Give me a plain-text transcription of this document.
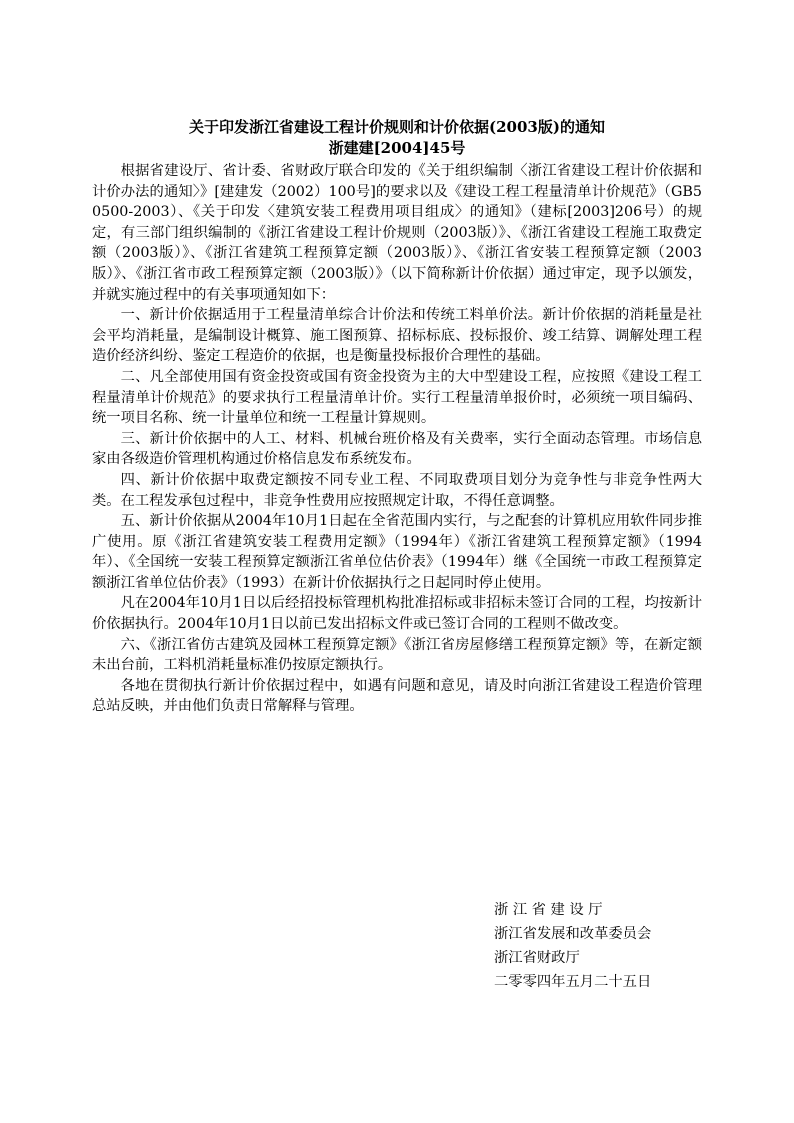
关于印发浙江省建设工程计价规则和计价依据(2003版)的通知

浙建建[2004]45号

根据省建设厅、省计委、省财政厅联合印发的《关于组织编制〈浙江省建设工程计价依据和计价办法的通知〉》[建建发（2002）100号]的要求以及《建设工程工程量清单计价规范》（GB50500-2003）、《关于印发〈建筑安装工程费用项目组成〉的通知》（建标[2003]206号）的规定，有三部门组织编制的《浙江省建设工程计价规则（2003版）》、《浙江省建设工程施工取费定额（2003版）》、《浙江省建筑工程预算定额（2003版）》、《浙江省安装工程预算定额（2003版）》、《浙江省市政工程预算定额（2003版）》（以下简称新计价依据）通过审定，现予以颁发，并就实施过程中的有关事项通知如下：

一、新计价依据适用于工程量清单综合计价法和传统工料单价法。新计价依据的消耗量是社会平均消耗量，是编制设计概算、施工图预算、招标标底、投标报价、竣工结算、调解处理工程造价经济纠纷、鉴定工程造价的依据，也是衡量投标报价合理性的基础。

二、凡全部使用国有资金投资或国有资金投资为主的大中型建设工程，应按照《建设工程工程量清单计价规范》的要求执行工程量清单计价。实行工程量清单报价时，必须统一项目编码、统一项目名称、统一计量单位和统一工程量计算规则。

三、新计价依据中的人工、材料、机械台班价格及有关费率，实行全面动态管理。市场信息家由各级造价管理机构通过价格信息发布系统发布。

四、新计价依据中取费定额按不同专业工程、不同取费项目划分为竞争性与非竞争性两大类。在工程发承包过程中，非竞争性费用应按照规定计取，不得任意调整。

五、新计价依据从2004年10月1日起在全省范围内实行，与之配套的计算机应用软件同步推广使用。原《浙江省建筑安装工程费用定额》（1994年）《浙江省建筑工程预算定额》（1994年）、《全国统一安装工程预算定额浙江省单位估价表》（1994年）继《全国统一市政工程预算定额浙江省单位估价表》（1993）在新计价依据执行之日起同时停止使用。

凡在2004年10月1日以后经招投标管理机构批准招标或非招标未签订合同的工程，均按新计价依据执行。2004年10月1日以前已发出招标文件或已签订合同的工程则不做改变。

六、《浙江省仿古建筑及园林工程预算定额》《浙江省房屋修缮工程预算定额》等，在新定额未出台前，工料机消耗量标准仍按原定额执行。

各地在贯彻执行新计价依据过程中，如遇有问题和意见，请及时向浙江省建设工程造价管理总站反映，并由他们负责日常解释与管理。

浙 江 省 建 设 厅

浙江省发展和改革委员会

浙江省财政厅

二零零四年五月二十五日
